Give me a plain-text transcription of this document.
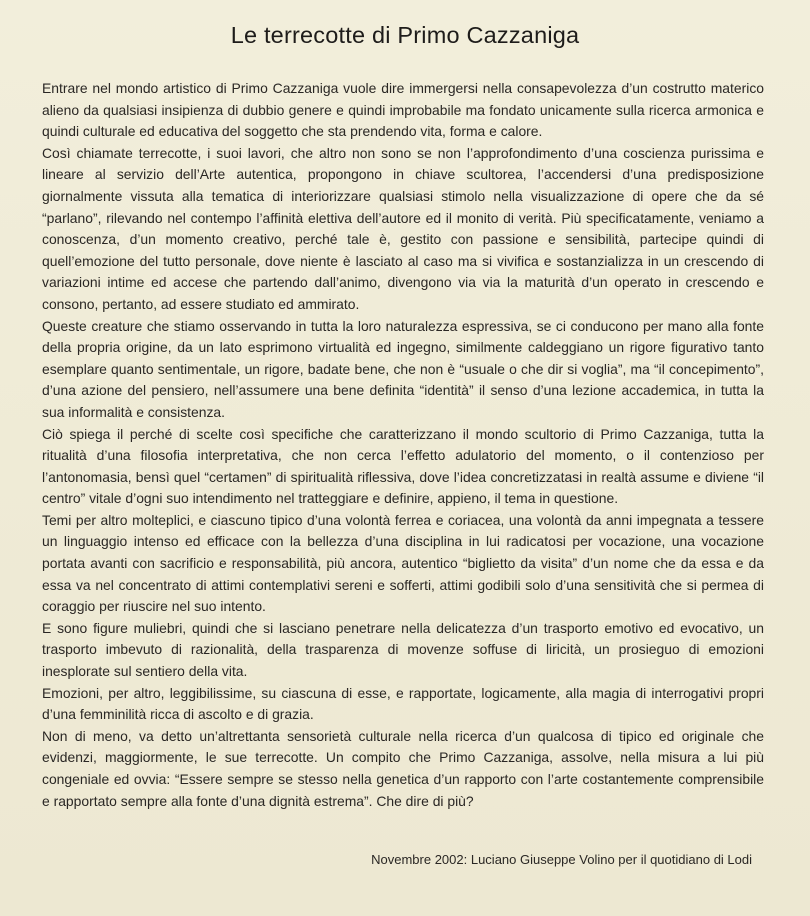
Le terrecotte di Primo Cazzaniga

Entrare nel mondo artistico di Primo Cazzaniga vuole dire immergersi nella consapevolezza d’un costrutto materico alieno da qualsiasi insipienza di dubbio genere e quindi improbabile ma fondato unicamente sulla ricerca armonica e quindi culturale ed educativa del soggetto che sta prendendo vita, forma e calore.

Così chiamate terrecotte, i suoi lavori, che altro non sono se non l’approfondimento d’una coscienza purissima e lineare al servizio dell’Arte autentica, propongono in chiave scultorea, l’accendersi d’una predisposizione giornalmente vissuta alla tematica di interiorizzare qualsiasi stimolo nella visualizzazione di opere che da sé “parlano”, rilevando nel contempo l’affinità elettiva dell’autore ed il monito di verità. Più specificatamente, veniamo a conoscenza, d’un momento creativo, perché tale è, gestito con passione e sensibilità, partecipe quindi di quell’emozione del tutto personale, dove niente è lasciato al caso ma si vivifica e sostanzializza in un crescendo di variazioni intime ed accese che partendo dall’animo, divengono via via la maturità d’un operato in crescendo e consono, pertanto, ad essere studiato ed ammirato.

Queste creature che stiamo osservando in tutta la loro naturalezza espressiva, se ci conducono per mano alla fonte della propria origine, da un lato esprimono virtualità ed ingegno, similmente caldeggiano un rigore figurativo tanto esemplare quanto sentimentale, un rigore, badate bene, che non è “usuale o che dir si voglia”, ma “il concepimento”, d’una azione del pensiero, nell’assumere una bene definita “identità” il senso d’una lezione accademica, in tutta la sua informalità e consistenza.

Ciò spiega il perché di scelte così specifiche che caratterizzano il mondo scultorio di Primo Cazzaniga, tutta la ritualità d’una filosofia interpretativa, che non cerca l’effetto adulatorio del momento, o il contenzioso per l’antonomasia, bensì quel “certamen” di spiritualità riflessiva, dove l’idea concretizzatasi in realtà assume e diviene “il centro” vitale d’ogni suo intendimento nel tratteggiare e definire, appieno, il tema in questione.

Temi per altro molteplici, e ciascuno tipico d’una volontà ferrea e coriacea, una volontà da anni impegnata a tessere un linguaggio intenso ed efficace con la bellezza d’una disciplina in lui radicatosi per vocazione, una vocazione portata avanti con sacrificio e responsabilità, più ancora, autentico “biglietto da visita” d’un nome che da essa e da essa va nel concentrato di attimi contemplativi sereni e sofferti, attimi godibili solo d’una sensitività che si permea di coraggio per riuscire nel suo intento.

E sono figure muliebri, quindi che si lasciano penetrare nella delicatezza d’un trasporto emotivo ed evocativo, un trasporto imbevuto di razionalità, della trasparenza di movenze soffuse di liricità, un prosieguo di emozioni inesplorate sul sentiero della vita.

Emozioni, per altro, leggibilissime, su ciascuna di esse, e rapportate, logicamente, alla magia di interrogativi propri d’una femminilità ricca di ascolto e di grazia.

Non di meno, va detto un’altrettanta sensorietà culturale nella ricerca d’un qualcosa di tipico ed originale che evidenzi, maggiormente, le sue terrecotte. Un compito che Primo Cazzaniga, assolve, nella misura a lui più congeniale ed ovvia: “Essere sempre se stesso nella genetica d’un rapporto con l’arte costantemente comprensibile e rapportato sempre alla fonte d’una dignità estrema”. Che dire di più?

Novembre 2002: Luciano Giuseppe Volino per il quotidiano di Lodi
